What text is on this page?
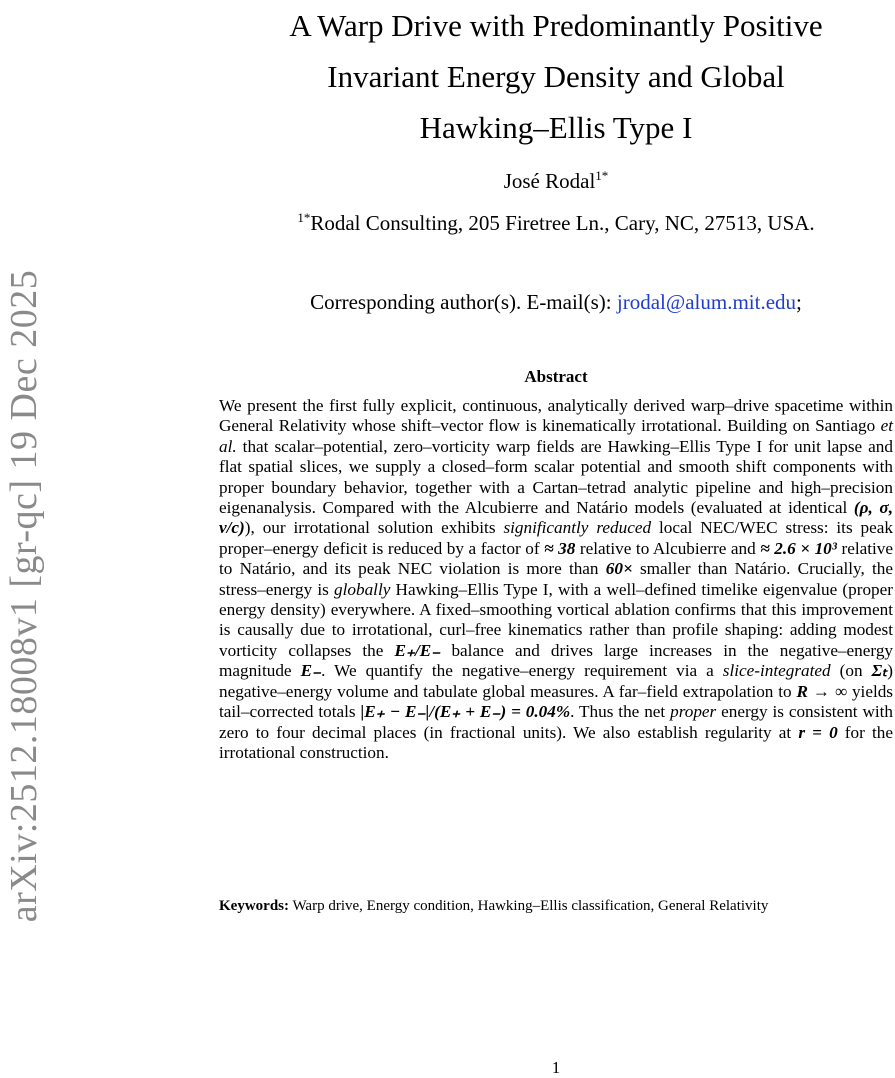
arXiv:2512.18008v1 [gr-qc] 19 Dec 2025
A Warp Drive with Predominantly Positive
Invariant Energy Density and Global
Hawking–Ellis Type I
José Rodal$^{1*}$
$^{1*}$Rodal Consulting, 205 Firetree Ln., Cary, NC, 27513, USA.
Corresponding author(s). E-mail(s): jrodal@alum.mit.edu;
Abstract

We present the first fully explicit, continuous, analytically derived warp–drive spacetime within General Relativity whose shift–vector flow is kinematically irrotational. Building on Santiago et al. that scalar–potential, zero–vorticity warp fields are Hawking–Ellis Type I for unit lapse and flat spatial slices, we supply a closed–form scalar potential and smooth shift components with proper boundary behavior, together with a Cartan–tetrad analytic pipeline and high–precision eigenanalysis. Compared with the Alcubierre and Natário models (evaluated at identical (ρ, σ, v/c)), our irrotational solution exhibits significantly reduced local NEC/WEC stress: its peak proper–energy deficit is reduced by a factor of ≈ 38 relative to Alcubierre and ≈ 2.6 × 10³ relative to Natário, and its peak NEC violation is more than 60× smaller than Natário. Crucially, the stress–energy is globally Hawking–Ellis Type I, with a well–defined timelike eigenvalue (proper energy density) everywhere. A fixed–smoothing vortical ablation confirms that this improvement is causally due to irrotational, curl–free kinematics rather than profile shaping: adding modest vorticity collapses the E₊/E₋ balance and drives large increases in the negative–energy magnitude E₋. We quantify the negative–energy requirement via a slice-integrated (on Σₜ) negative–energy volume and tabulate global measures. A far–field extrapolation to R → ∞ yields tail–corrected totals |E₊ − E₋|/(E₊ + E₋) = 0.04%. Thus the net proper energy is consistent with zero to four decimal places (in fractional units). We also establish regularity at r = 0 for the irrotational construction.

Keywords: Warp drive, Energy condition, Hawking–Ellis classification, General Relativity

1
